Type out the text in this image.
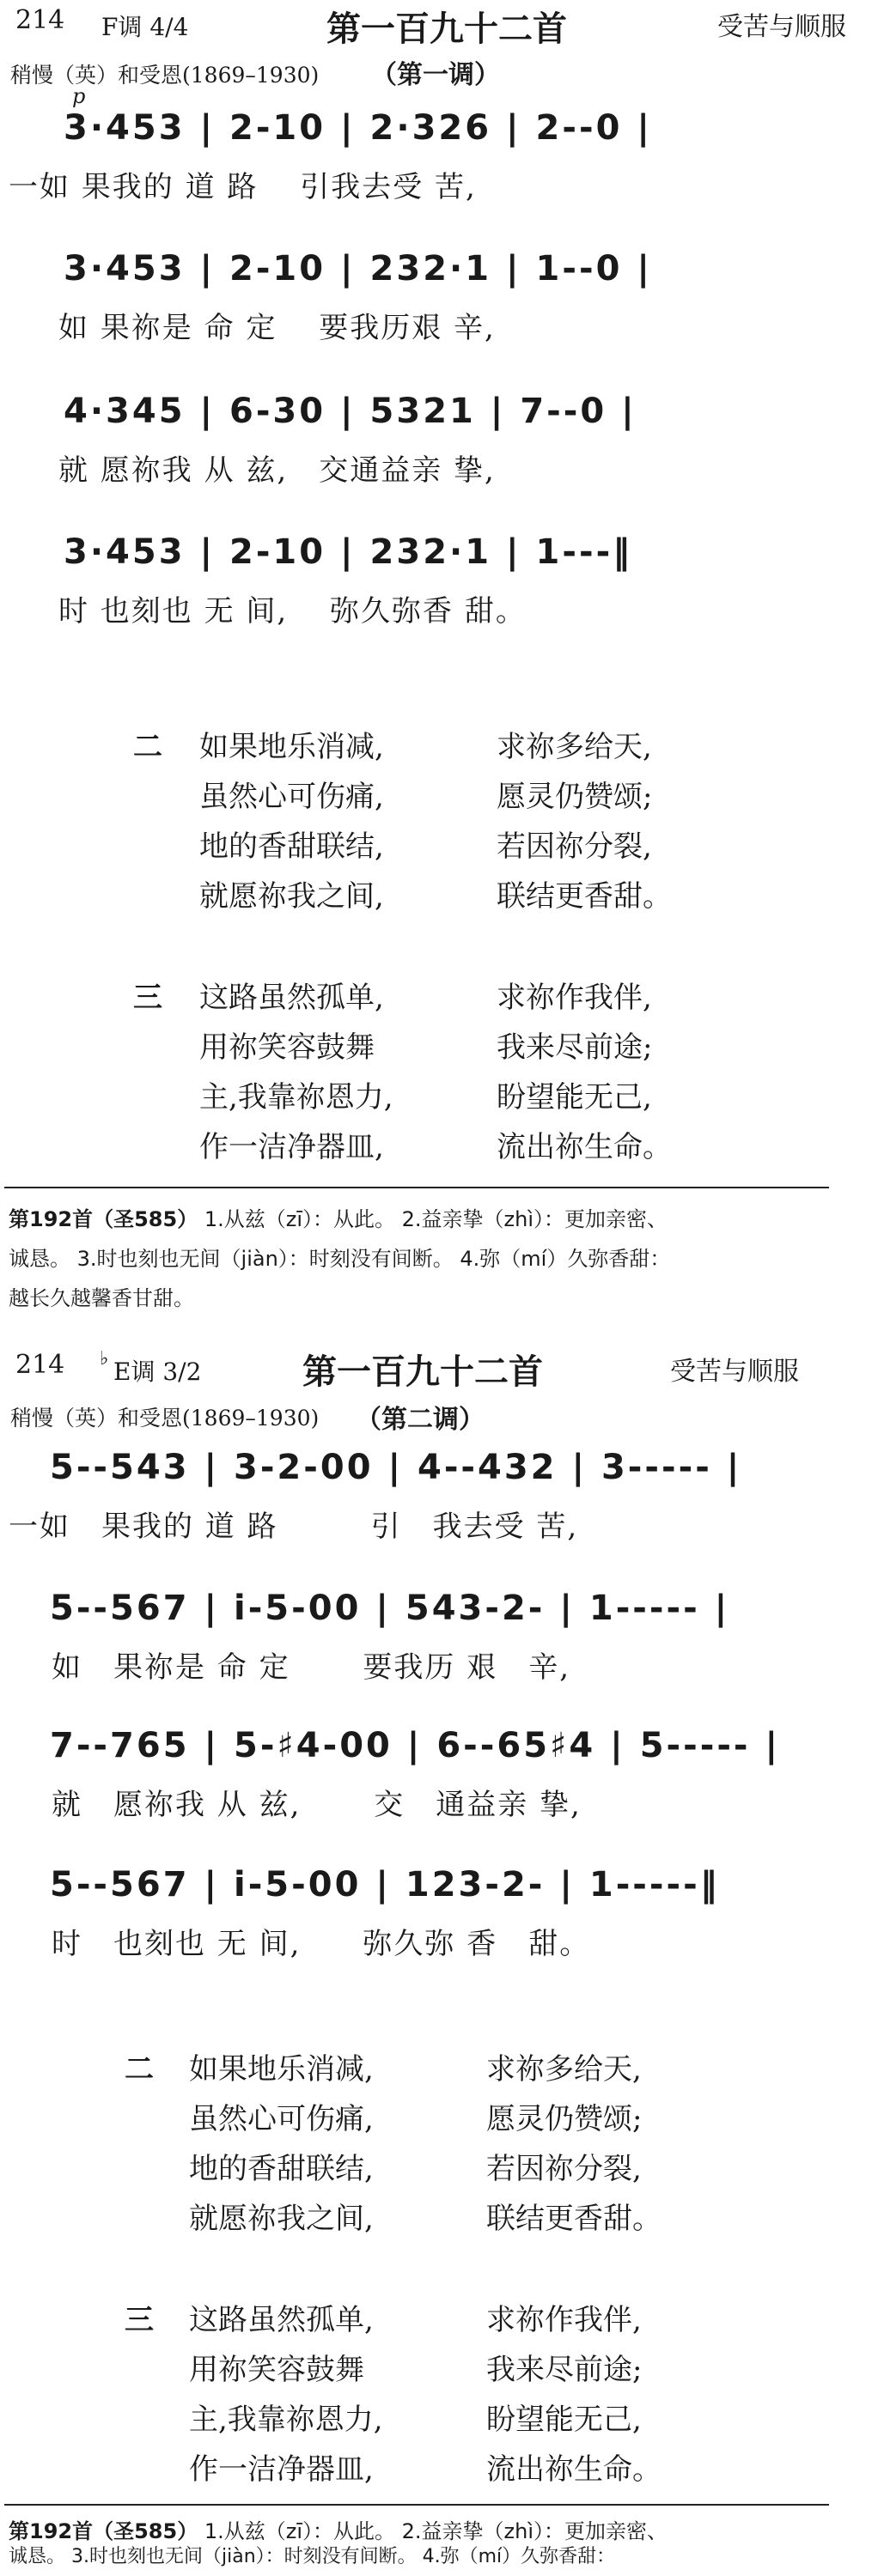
214 F调 4/4	第一百九十二首	受苦与顺服
稍慢（英）和受恩(1869–1930) （第一调）
p
3·453 | 2-10 | 2·326 | 2--0 |
一如 果我的 道 路　 引我去受 苦,
3·453 | 2-10 | 232·1 | 1--0 |
如 果祢是 命 定　 要我历艰 辛,
4·345 | 6-30 | 5321 | 7--0 |
就 愿祢我 从 兹,　交通益亲 挚,
3·453 | 2-10 | 232·1 | 1---‖
时 也刻也 无 间,　 弥久弥香 甜。
二 如果地乐消减,	求祢多给天,
虽然心可伤痛,	愿灵仍赞颂;
地的香甜联结,	若因祢分裂,
就愿祢我之间,	联结更香甜。
三 这路虽然孤单,	求祢作我伴,
用祢笑容鼓舞	我来尽前途;
主,我靠祢恩力,	盼望能无己,
作一洁净器皿,	流出祢生命。
第192首（圣585） 1.从兹（zī）：从此。 2.益亲挚（zhì）：更加亲密、
诚恳。 3.时也刻也无间（jiàn）：时刻没有间断。 4.弥（mí）久弥香甜：
越长久越馨香甘甜。
214 ♭ E调 3/2	第一百九十二首	受苦与顺服
稍慢（英）和受恩(1869–1930) （第二调）
5--543 | 3-2-00 | 4--432 | 3----- |
一如　果我的 道 路　　　引　我去受 苦,
5--567 | i-5-00 | 543-2- | 1----- |
如　果祢是 命 定　　 要我历 艰　辛,
7--765 | 5-♯4-00 | 6--65♯4 | 5----- |
就　愿祢我 从 兹,　　 交　通益亲 挚,
5--567 | i-5-00 | 123-2- | 1-----‖
时　也刻也 无 间,　　弥久弥 香　甜。
二 如果地乐消减,	求祢多给天,
虽然心可伤痛,	愿灵仍赞颂;
地的香甜联结,	若因祢分裂,
就愿祢我之间,	联结更香甜。
三 这路虽然孤单,	求祢作我伴,
用祢笑容鼓舞	我来尽前途;
主,我靠祢恩力,	盼望能无己,
作一洁净器皿,	流出祢生命。
第192首（圣585） 1.从兹（zī）：从此。 2.益亲挚（zhì）：更加亲密、
诚恳。 3.时也刻也无间（jiàn）：时刻没有间断。 4.弥（mí）久弥香甜：
